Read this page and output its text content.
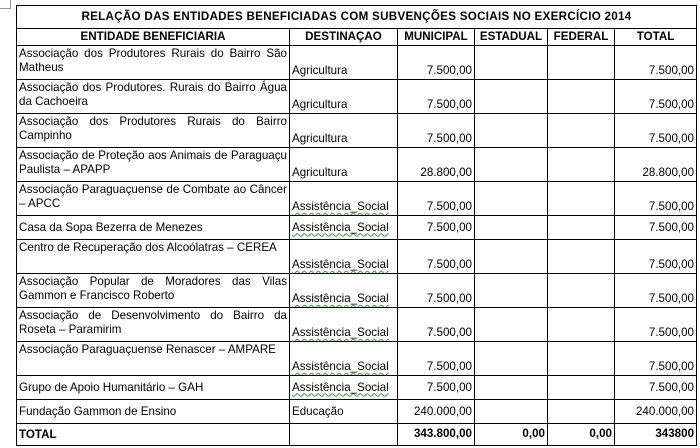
RELAÇÃO DAS ENTIDADES BENEFICIADAS COM SUBVENÇÕES SOCIAIS NO EXERCÍCIO 2014					
ENTIDADE BENEFICIARIA	DESTINAÇAO	MUNICIPAL	ESTADUAL	FEDERAL	TOTAL
Associação dos Produtores Rurais do Bairro São Matheus	Agricultura	7.500,00			7.500,00
Associação dos Produtores. Rurais do Bairro Água da Cachoeira	Agricultura	7.500,00			7.500,00
Associação dos Produtores Rurais do Bairro Campinho	Agricultura	7.500,00			7.500,00
Associação de Proteção aos Animais de Paraguaçu Paulista – APAPP	Agricultura	28.800,00			28.800,00
Associação Paraguaçuense de Combate ao Câncer – APCC	Assistência_Social	7.500,00			7.500,00
Casa da Sopa Bezerra de Menezes	Assistência_Social	7.500,00			7.500,00
Centro de Recuperação dos Alcoólatras – CEREA	Assistência_Social	7.500,00			7.500,00
Associação Popular de Moradores das Vilas Gammon e Francisco Roberto	Assistência_Social	7.500,00			7.500,00
Associação de Desenvolvimento do Bairro da Roseta – Paramirim	Assistência_Social	7.500,00			7.500,00
Associação Paraguaçuense Renascer – AMPARE	Assistência_Social	7.500,00			7.500,00
Grupo de Apoio Humanitário – GAH	Assistência_Social	7.500,00			7.500,00
Fundação Gammon de Ensino	Educação	240.000,00			240.000,00
TOTAL		343.800,00	0,00	0,00	343800
